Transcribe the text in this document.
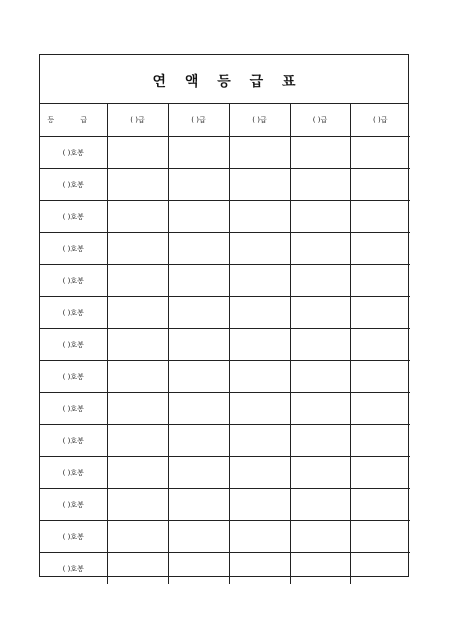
연 액 등 급 표
등 급	( )급	( )급	( )급	( )급	( )급
( )호봉					
( )호봉					
( )호봉					
( )호봉					
( )호봉					
( )호봉					
( )호봉					
( )호봉					
( )호봉					
( )호봉					
( )호봉					
( )호봉					
( )호봉					
( )호봉					
